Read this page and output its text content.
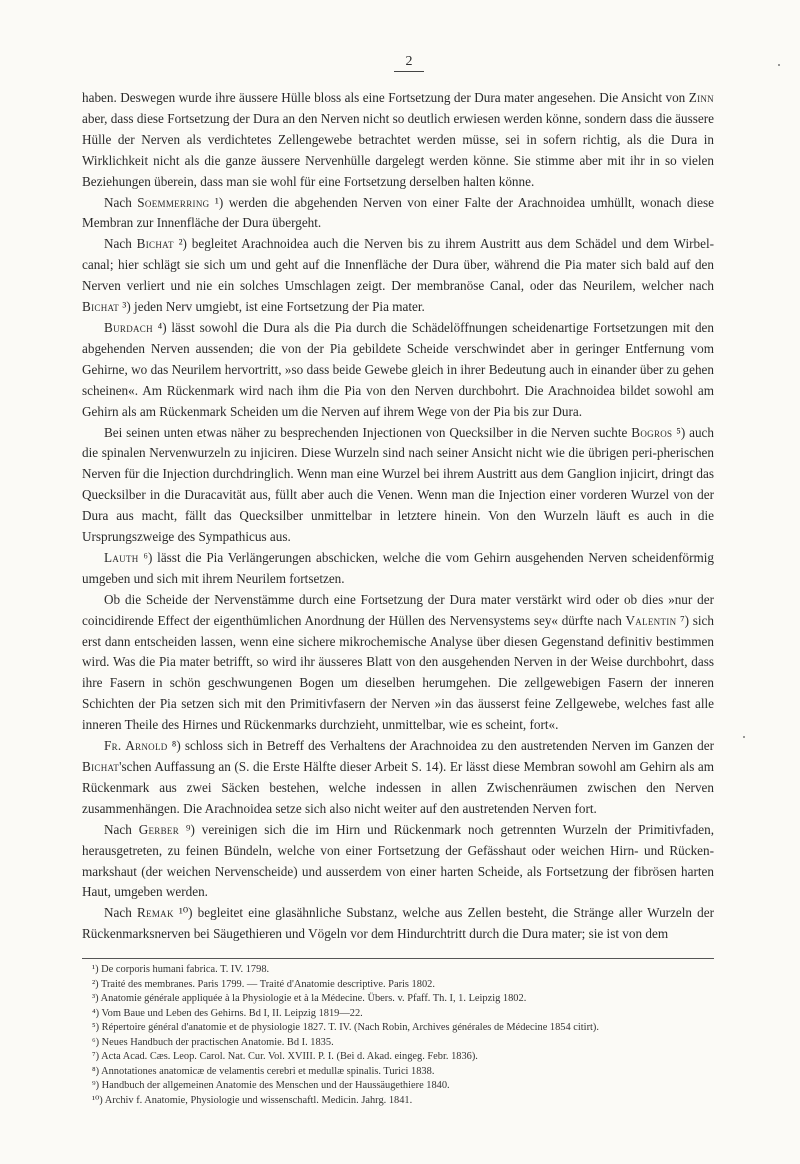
2

haben. Deswegen wurde ihre äussere Hülle bloss als eine Fortsetzung der Dura mater angesehen. Die Ansicht von Zinn aber, dass diese Fortsetzung der Dura an den Nerven nicht so deutlich erwiesen werden könne, sondern dass die äussere Hülle der Nerven als verdichtetes Zellengewebe betrachtet werden müsse, sei in sofern richtig, als die Dura in Wirklichkeit nicht als die ganze äussere Nervenhülle dargelegt werden könne. Sie stimme aber mit ihr in so vielen Beziehungen überein, dass man sie wohl für eine Fortsetzung derselben halten könne.

Nach Soemmerring ¹) werden die abgehenden Nerven von einer Falte der Arachnoidea umhüllt, wonach diese Membran zur Innenfläche der Dura übergeht.

Nach Bichat ²) begleitet Arachnoidea auch die Nerven bis zu ihrem Austritt aus dem Schädel und dem Wirbel-canal; hier schlägt sie sich um und geht auf die Innenfläche der Dura über, während die Pia mater sich bald auf den Nerven verliert und nie ein solches Umschlagen zeigt. Der membranöse Canal, oder das Neurilem, welcher nach Bichat ³) jeden Nerv umgiebt, ist eine Fortsetzung der Pia mater.

Burdach ⁴) lässt sowohl die Dura als die Pia durch die Schädelöffnungen scheidenartige Fortsetzungen mit den abgehenden Nerven aussenden; die von der Pia gebildete Scheide verschwindet aber in geringer Entfernung vom Gehirne, wo das Neurilem hervortritt, »so dass beide Gewebe gleich in ihrer Bedeutung auch in einander über zu gehen scheinen«. Am Rückenmark wird nach ihm die Pia von den Nerven durchbohrt. Die Arachnoidea bildet sowohl am Gehirn als am Rückenmark Scheiden um die Nerven auf ihrem Wege von der Pia bis zur Dura.

Bei seinen unten etwas näher zu besprechenden Injectionen von Quecksilber in die Nerven suchte Bogros ⁵) auch die spinalen Nervenwurzeln zu injiciren. Diese Wurzeln sind nach seiner Ansicht nicht wie die übrigen peri-pherischen Nerven für die Injection durchdringlich. Wenn man eine Wurzel bei ihrem Austritt aus dem Ganglion injicirt, dringt das Quecksilber in die Duracavität aus, füllt aber auch die Venen. Wenn man die Injection einer vorderen Wurzel von der Dura aus macht, fällt das Quecksilber unmittelbar in letztere hinein. Von den Wurzeln läuft es auch in die Ursprungszweige des Sympathicus aus.

Lauth ⁶) lässt die Pia Verlängerungen abschicken, welche die vom Gehirn ausgehenden Nerven scheidenförmig umgeben und sich mit ihrem Neurilem fortsetzen.

Ob die Scheide der Nervenstämme durch eine Fortsetzung der Dura mater verstärkt wird oder ob dies »nur der coincidirende Effect der eigenthümlichen Anordnung der Hüllen des Nervensystems sey« dürfte nach Valentin ⁷) sich erst dann entscheiden lassen, wenn eine sichere mikrochemische Analyse über diesen Gegenstand definitiv bestimmen wird. Was die Pia mater betrifft, so wird ihr äusseres Blatt von den ausgehenden Nerven in der Weise durchbohrt, dass ihre Fasern in schön geschwungenen Bogen um dieselben herumgehen. Die zellgewebigen Fasern der inneren Schichten der Pia setzen sich mit den Primitivfasern der Nerven »in das äusserst feine Zellgewebe, welches fast alle inneren Theile des Hirnes und Rückenmarks durchzieht, unmittelbar, wie es scheint, fort«.

Fr. Arnold ⁸) schloss sich in Betreff des Verhaltens der Arachnoidea zu den austretenden Nerven im Ganzen der Bichat'schen Auffassung an (S. die Erste Hälfte dieser Arbeit S. 14). Er lässt diese Membran sowohl am Gehirn als am Rückenmark aus zwei Säcken bestehen, welche indessen in allen Zwischenräumen zwischen den Nerven zusammenhängen. Die Arachnoidea setze sich also nicht weiter auf den austretenden Nerven fort.

Nach Gerber ⁹) vereinigen sich die im Hirn und Rückenmark noch getrennten Wurzeln der Primitivfaden, herausgetreten, zu feinen Bündeln, welche von einer Fortsetzung der Gefässhaut oder weichen Hirn- und Rücken-markshaut (der weichen Nervenscheide) und ausserdem von einer harten Scheide, als Fortsetzung der fibrösen harten Haut, umgeben werden.

Nach Remak ¹⁰) begleitet eine glasähnliche Substanz, welche aus Zellen besteht, die Stränge aller Wurzeln der Rückenmarksnerven bei Säugethieren und Vögeln vor dem Hindurchtritt durch die Dura mater; sie ist von dem

¹) De corporis humani fabrica. T. IV. 1798.
²) Traité des membranes. Paris 1799. — Traité d'Anatomie descriptive. Paris 1802.
³) Anatomie générale appliquée à la Physiologie et à la Médecine. Übers. v. Pfaff. Th. I, 1. Leipzig 1802.
⁴) Vom Baue und Leben des Gehirns. Bd I, II. Leipzig 1819—22.
⁵) Répertoire général d'anatomie et de physiologie 1827. T. IV. (Nach Robin, Archives générales de Médecine 1854 citirt).
⁶) Neues Handbuch der practischen Anatomie. Bd I. 1835.
⁷) Acta Acad. Cæs. Leop. Carol. Nat. Cur. Vol. XVIII. P. I. (Bei d. Akad. eingeg. Febr. 1836).
⁸) Annotationes anatomicæ de velamentis cerebri et medullæ spinalis. Turici 1838.
⁹) Handbuch der allgemeinen Anatomie des Menschen und der Haussäugethiere 1840.
¹⁰) Archiv f. Anatomie, Physiologie und wissenschaftl. Medicin. Jahrg. 1841.
